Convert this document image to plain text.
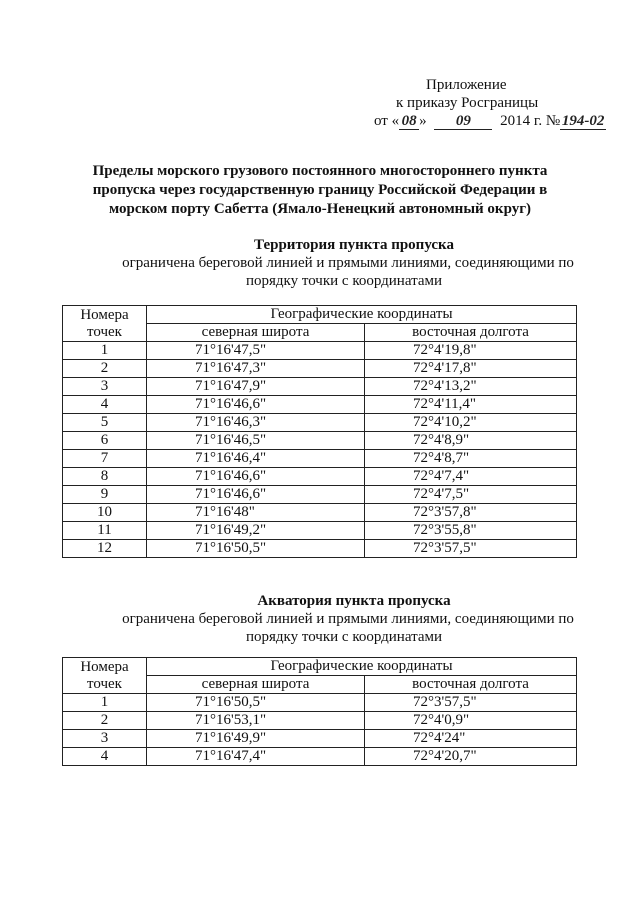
Приложение
к приказу Росграницы
от « 08 » 09 2014 г. № 194-02
Пределы морского грузового постоянного многостороннего пункта
пропуска через государственную границу Российской Федерации в
морском порту Сабетта (Ямало-Ненецкий автономный округ)
Территория пункта пропуска
ограничена береговой линией и прямыми линиями, соединяющими по
порядку точки с координатами
Номера
точек	Географические координаты	
	северная широта	восточная долгота
1	71°16'47,5"	72°4'19,8"
2	71°16'47,3"	72°4'17,8"
3	71°16'47,9"	72°4'13,2"
4	71°16'46,6"	72°4'11,4"
5	71°16'46,3"	72°4'10,2"
6	71°16'46,5"	72°4'8,9"
7	71°16'46,4"	72°4'8,7"
8	71°16'46,6"	72°4'7,4"
9	71°16'46,6"	72°4'7,5"
10	71°16'48"	72°3'57,8"
11	71°16'49,2"	72°3'55,8"
12	71°16'50,5"	72°3'57,5"
Акватория пункта пропуска
ограничена береговой линией и прямыми линиями, соединяющими по
порядку точки с координатами
Номера
точек	Географические координаты	
	северная широта	восточная долгота
1	71°16'50,5"	72°3'57,5"
2	71°16'53,1"	72°4'0,9"
3	71°16'49,9"	72°4'24"
4	71°16'47,4"	72°4'20,7"
